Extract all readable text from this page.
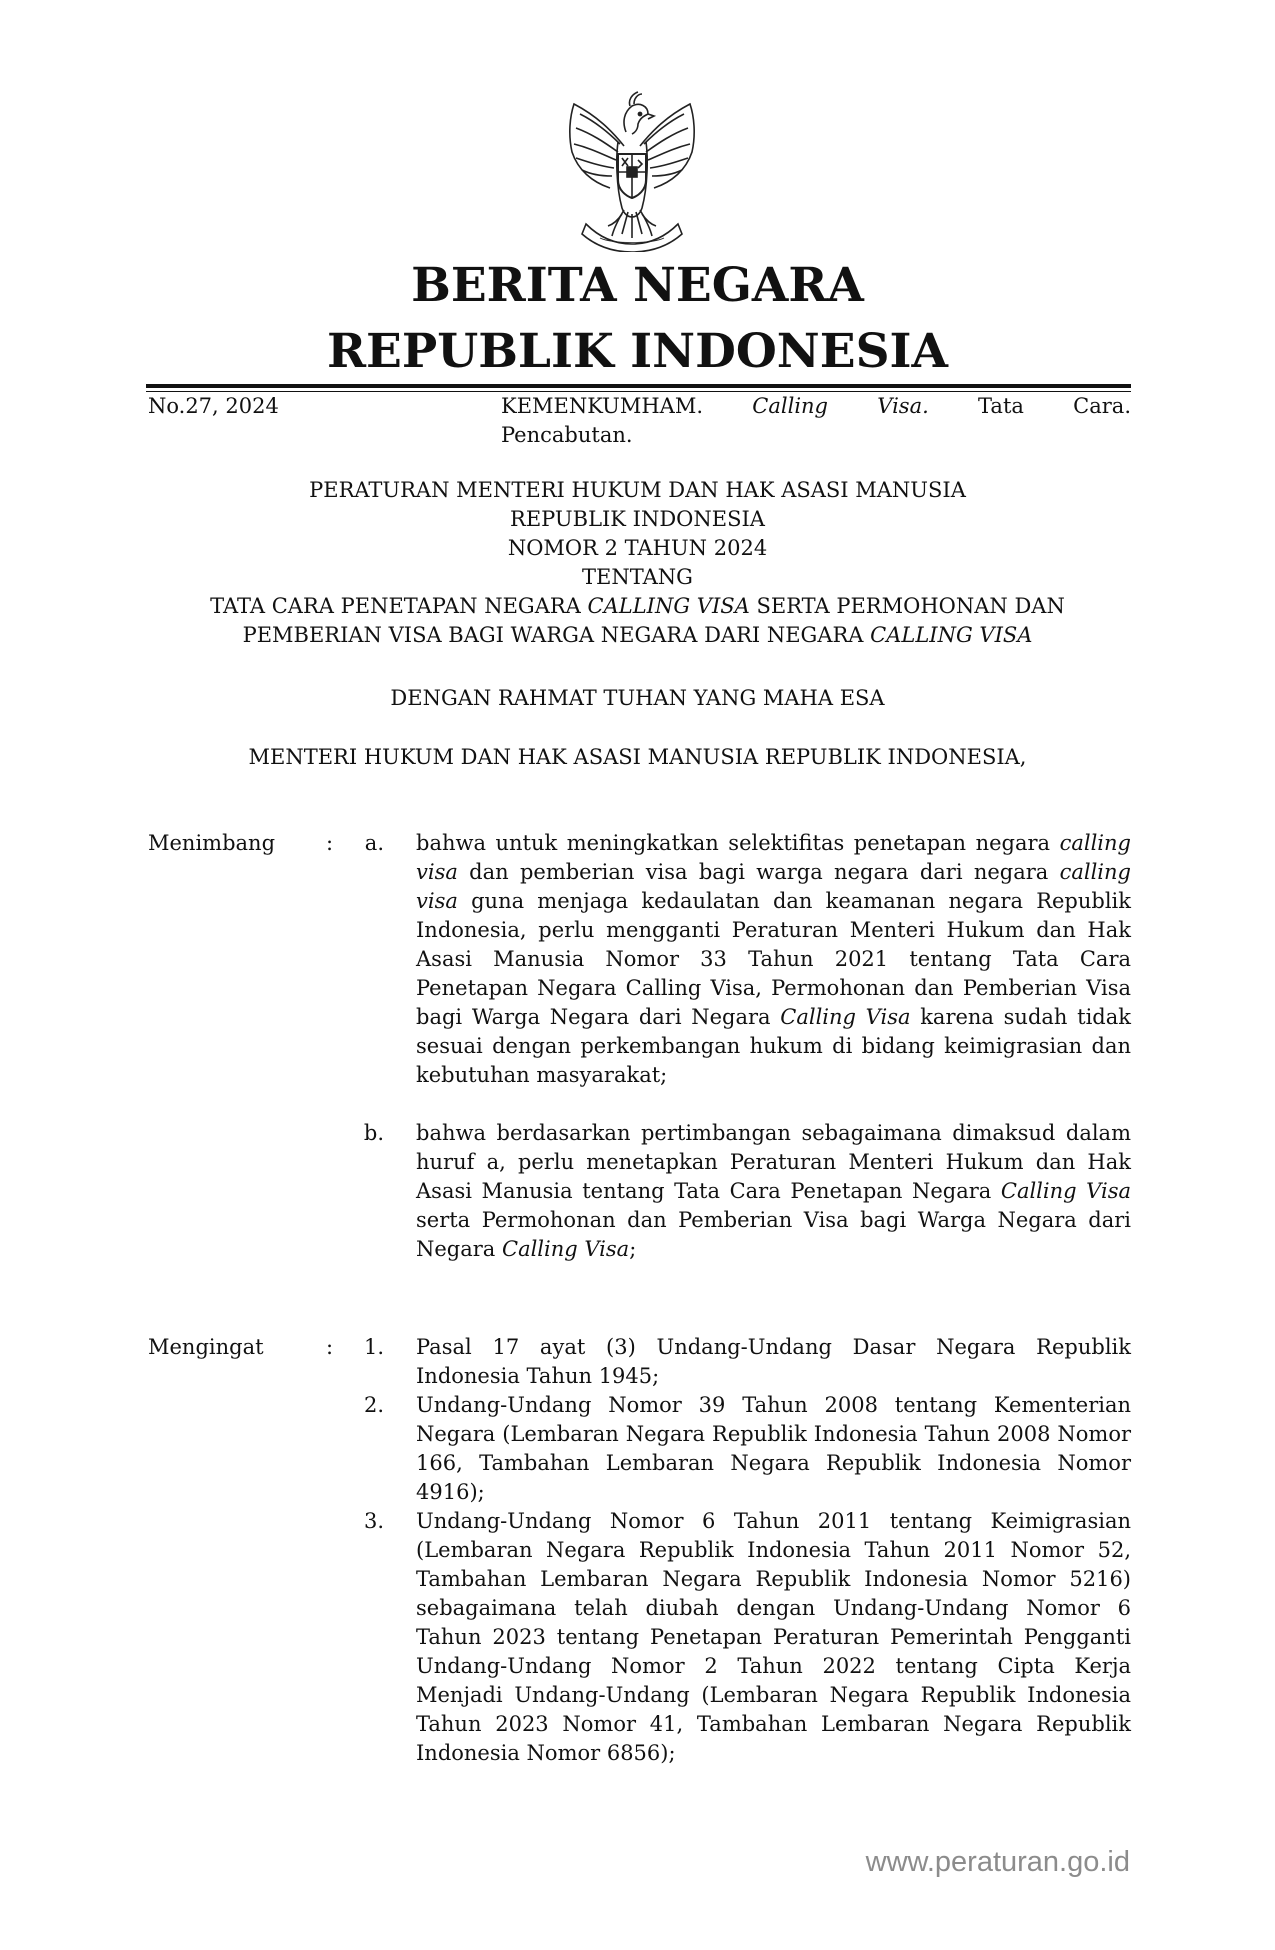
BERITA NEGARA
REPUBLIK INDONESIA
No.27, 2024	KEMENKUMHAM. Calling Visa. Tata Cara.
Pencabutan.
PERATURAN MENTERI HUKUM DAN HAK ASASI MANUSIA
REPUBLIK INDONESIA
NOMOR 2 TAHUN 2024
TENTANG
TATA CARA PENETAPAN NEGARA CALLING VISA SERTA PERMOHONAN DAN
PEMBERIAN VISA BAGI WARGA NEGARA DARI NEGARA CALLING VISA
DENGAN RAHMAT TUHAN YANG MAHA ESA
MENTERI HUKUM DAN HAK ASASI MANUSIA REPUBLIK INDONESIA,
Menimbang :	a. bahwa untuk meningkatkan selektifitas penetapan negara calling visa dan pemberian visa bagi warga negara dari negara calling visa guna menjaga kedaulatan dan keamanan negara Republik Indonesia, perlu mengganti Peraturan Menteri Hukum dan Hak Asasi Manusia Nomor 33 Tahun 2021 tentang Tata Cara Penetapan Negara Calling Visa, Permohonan dan Pemberian Visa bagi Warga Negara dari Negara Calling Visa karena sudah tidak sesuai dengan perkembangan hukum di bidang keimigrasian dan kebutuhan masyarakat;
b. bahwa berdasarkan pertimbangan sebagaimana dimaksud dalam huruf a, perlu menetapkan Peraturan Menteri Hukum dan Hak Asasi Manusia tentang Tata Cara Penetapan Negara Calling Visa serta Permohonan dan Pemberian Visa bagi Warga Negara dari Negara Calling Visa;
Mengingat	:	1. Pasal 17 ayat (3) Undang-Undang Dasar Negara Republik Indonesia Tahun 1945;
2. Undang-Undang Nomor 39 Tahun 2008 tentang Kementerian Negara (Lembaran Negara Republik Indonesia Tahun 2008 Nomor 166, Tambahan Lembaran Negara Republik Indonesia Nomor 4916);
3. Undang-Undang Nomor 6 Tahun 2011 tentang Keimigrasian (Lembaran Negara Republik Indonesia Tahun 2011 Nomor 52, Tambahan Lembaran Negara Republik Indonesia Nomor 5216) sebagaimana telah diubah dengan Undang-Undang Nomor 6 Tahun 2023 tentang Penetapan Peraturan Pemerintah Pengganti Undang-Undang Nomor 2 Tahun 2022 tentang Cipta Kerja Menjadi Undang-Undang (Lembaran Negara Republik Indonesia Tahun 2023 Nomor 41, Tambahan Lembaran Negara Republik Indonesia Nomor 6856);
www.peraturan.go.id
